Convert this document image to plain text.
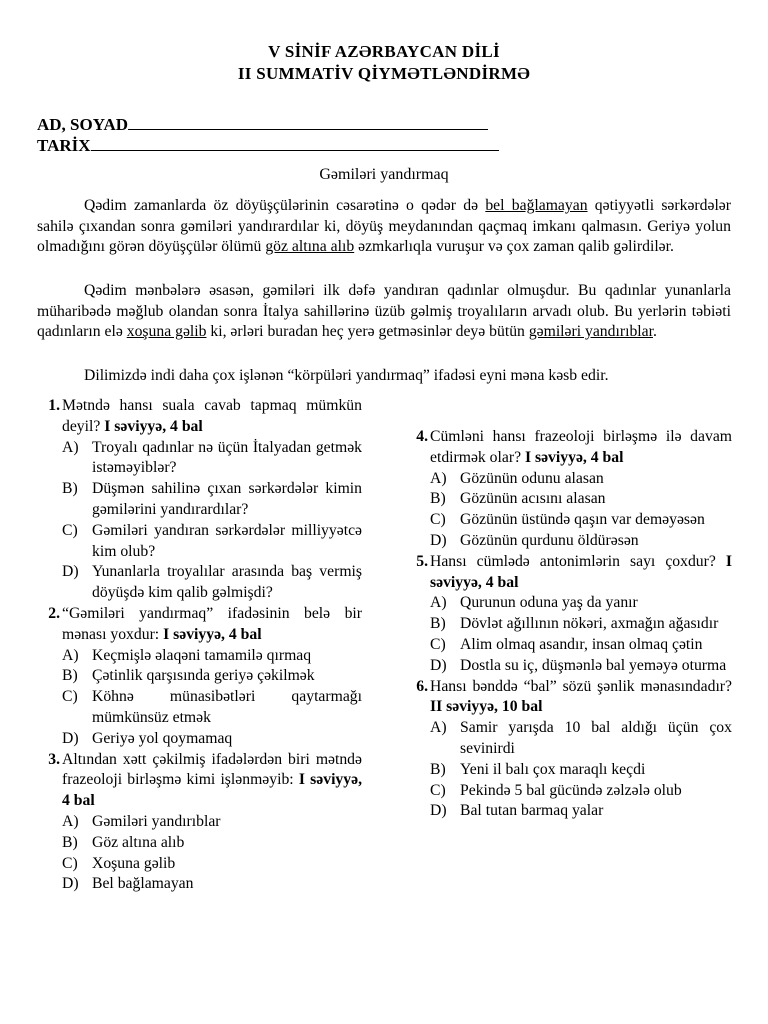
V SİNİF AZƏRBAYCAN DİLİ
II SUMMATİV QİYMƏTLƏNDİRMƏ
AD, SOYAD
TARİX
Gəmiləri yandırmaq
Qədim zamanlarda öz döyüşçülərinin cəsarətinə o qədər də bel bağlamayan qətiyyətli sərkərdələr sahilə çıxandan sonra gəmiləri yandırardılar ki, döyüş meydanından qaçmaq imkanı qalmasın. Geriyə yolun olmadığını görən döyüşçülər ölümü göz altına alıb əzmkarlıqla vuruşur və çox zaman qalib gəlirdilər.
Qədim mənbələrə əsasən, gəmiləri ilk dəfə yandıran qadınlar olmuşdur. Bu qadınlar yunanlarla müharibədə məğlub olandan sonra İtalya sahillərinə üzüb gəlmiş troyalıların arvadı olub. Bu yerlərin təbiəti qadınların elə xoşuna gəlib ki, ərləri buradan heç yerə getməsinlər deyə bütün gəmiləri yandırıblar.
Dilimizdə indi daha çox işlənən “körpüləri yandırmaq” ifadəsi eyni məna kəsb edir.

1. Mətndə hansı suala cavab tapmaq mümkün deyil? I səviyyə, 4 bal

A) Troyalı qadınlar nə üçün İtalyadan getmək istəməyiblər?

B) Düşmən sahilinə çıxan sərkərdələr kimin gəmilərini yandırardılar?

C) Gəmiləri yandıran sərkərdələr milliyyətcə kim olub?

D) Yunanlarla troyalılar arasında baş vermiş döyüşdə kim qalib gəlmişdi?

2. “Gəmiləri yandırmaq” ifadəsinin belə bir mənası yoxdur: I səviyyə, 4 bal

A) Keçmişlə əlaqəni tamamilə qırmaq

B) Çətinlik qarşısında geriyə çəkilmək

C) Köhnə münasibətləri qaytarmağı mümkünsüz etmək

D) Geriyə yol qoymamaq

3. Altından xətt çəkilmiş ifadələrdən biri mətndə frazeoloji birləşmə kimi işlənməyib: I səviyyə, 4 bal

A) Gəmiləri yandırıblar

B) Göz altına alıb

C) Xoşuna gəlib

D) Bel bağlamayan

4. Cümləni hansı frazeoloji birləşmə ilə davam etdirmək olar? I səviyyə, 4 bal

A) Gözünün odunu alasan

B) Gözünün acısını alasan

C) Gözünün üstündə qaşın var deməyəsən

D) Gözünün qurdunu öldürəsən

5. Hansı cümlədə antonimlərin sayı çoxdur? I səviyyə, 4 bal

A) Qurunun oduna yaş da yanır

B) Dövlət ağıllının nökəri, axmağın ağasıdır

C) Alim olmaq asandır, insan olmaq çətin

D) Dostla su iç, düşmənlə bal yeməyə oturma

6. Hansı bənddə “bal” sözü şənlik mənasındadır? II səviyyə, 10 bal

A) Samir yarışda 10 bal aldığı üçün çox sevinirdi

B) Yeni il balı çox maraqlı keçdi

C) Pekində 5 bal gücündə zəlzələ olub

D) Bal tutan barmaq yalar
